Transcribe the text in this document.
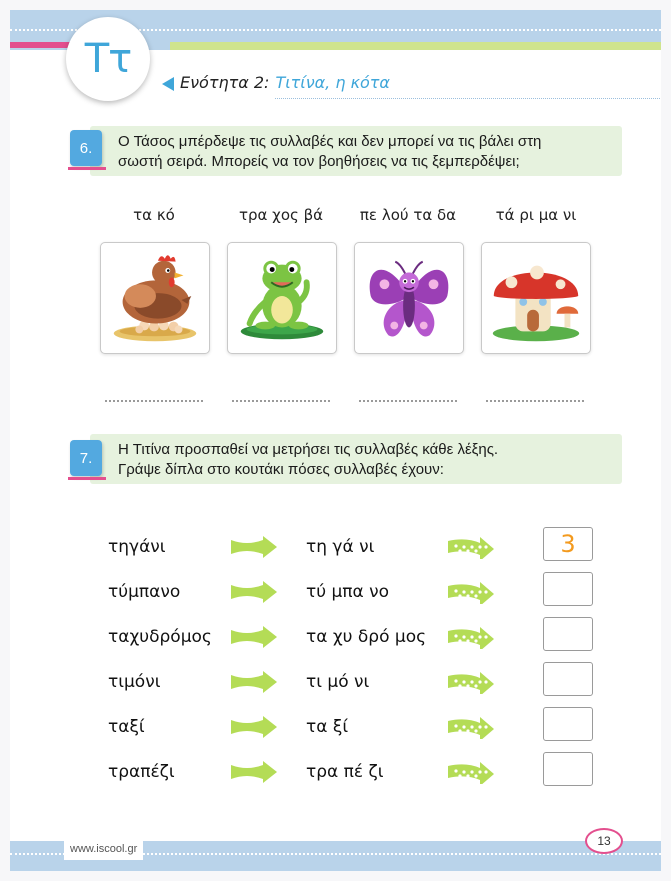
Ττ
Ενότητα 2: Τιτίνα, η κότα
Ο Τάσος μπέρδεψε τις συλλαβές και δεν μπορεί να τις βάλει στη
σωστή σειρά. Μπορείς να τον βοηθήσεις να τις ξεμπερδέψει;
6.
τα κό	τρα χος βά	πε λού τα δα	τά ρι μα νι
Η Τιτίνα προσπαθεί να μετρήσει τις συλλαβές κάθε λέξης.
Γράψε δίπλα στο κουτάκι πόσες συλλαβές έχουν:
7.
τηγάνι	τη γά νι	3
τύμπανο	τύ μπα νο
ταχυδρόμος	τα χυ δρό μος
τιμόνι	τι μό νι
ταξί	τα ξί
τραπέζι	τρα πέ ζι
www.iscool.gr
13
